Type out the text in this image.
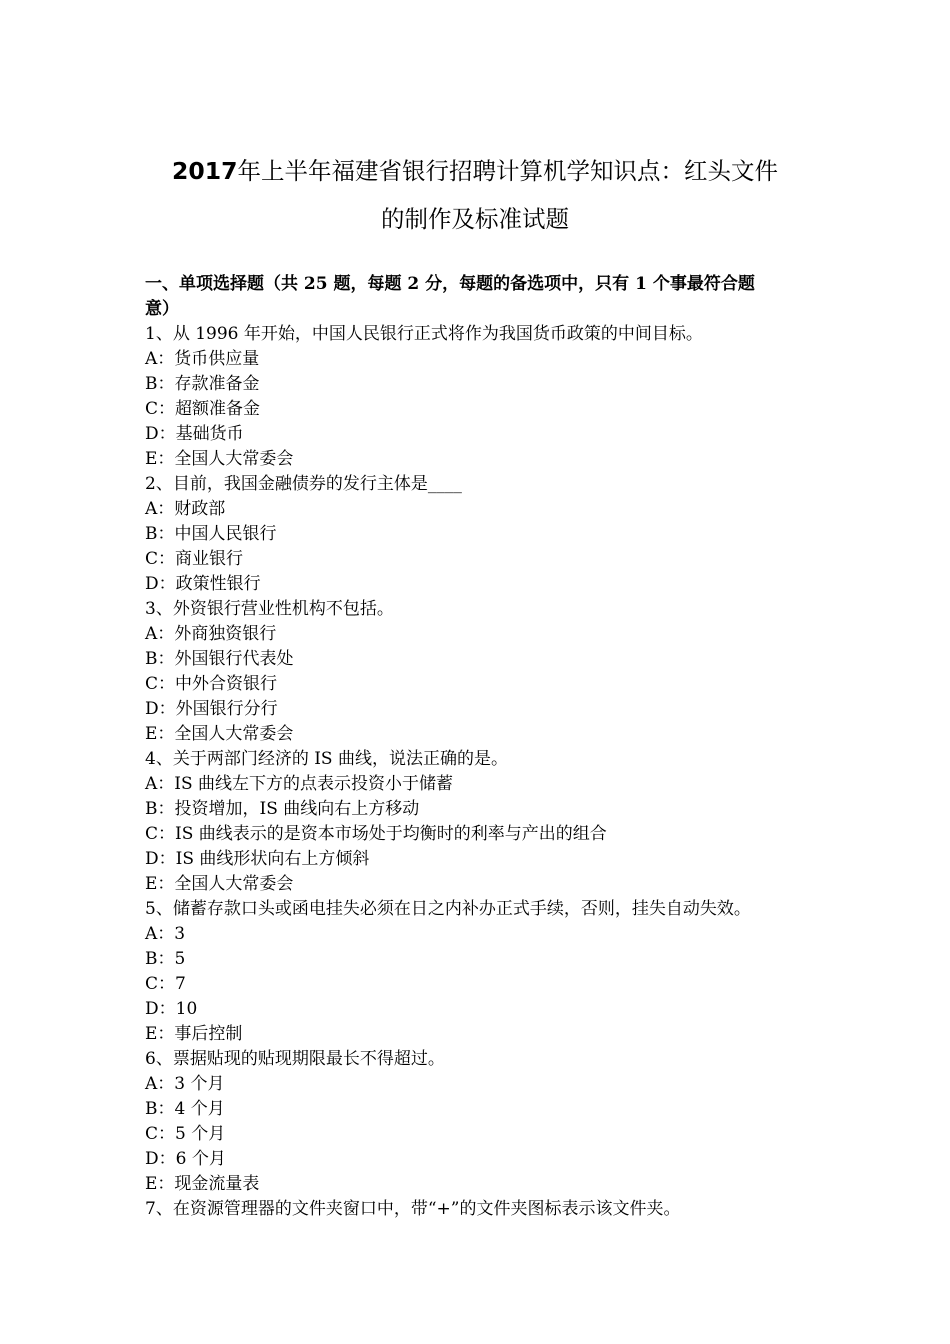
2017年上半年福建省银行招聘计算机学知识点：红头文件
的制作及标准试题

一、单项选择题（共 25 题，每题 2 分，每题的备选项中，只有 1 个事最符合题
意）

1、从 1996 年开始，中国人民银行正式将作为我国货币政策的中间目标。
A：货币供应量
B：存款准备金
C：超额准备金
D：基础货币
E：全国人大常委会
2、目前，我国金融债券的发行主体是____
A：财政部
B：中国人民银行
C：商业银行
D：政策性银行
3、外资银行营业性机构不包括。
A：外商独资银行
B：外国银行代表处
C：中外合资银行
D：外国银行分行
E：全国人大常委会
4、关于两部门经济的 IS 曲线，说法正确的是。
A：IS 曲线左下方的点表示投资小于储蓄
B：投资增加，IS 曲线向右上方移动
C：IS 曲线表示的是资本市场处于均衡时的利率与产出的组合
D：IS 曲线形状向右上方倾斜
E：全国人大常委会
5、储蓄存款口头或函电挂失必须在日之内补办正式手续，否则，挂失自动失效。
A：3
B：5
C：7
D：10
E：事后控制
6、票据贴现的贴现期限最长不得超过。
A：3 个月
B：4 个月
C：5 个月
D：6 个月
E：现金流量表
7、在资源管理器的文件夹窗口中，带“+”的文件夹图标表示该文件夹。
